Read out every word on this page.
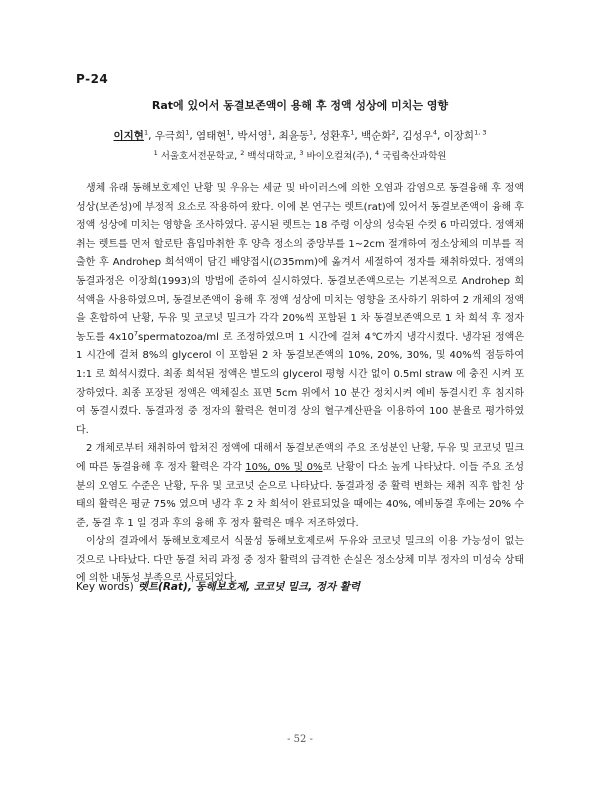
P-24
Rat에 있어서 동결보존액이 용해 후 정액 성상에 미치는 영향
이지현$^1$, 우극희$^1$, 염태현$^1$, 박서영$^1$, 최윤동$^1$, 성환후$^1$, 백순화$^2$, 김성우$^4$, 이장희$^{1, 3}$
$^1$ 서울호서전문학교, $^2$ 백석대학교, $^3$ 바이오컬쳐(주), $^4$ 국립축산과학원

생체 유래 동해보호제인 난황 및 우유는 세균 및 바이러스에 의한 오염과 감염으로 동결융해 후 정액 성상(보존성)에 부정적 요소로 작용하여 왔다. 이에 본 연구는 렛트(rat)에 있어서 동결보존액이 융해 후 정액 성상에 미치는 영향을 조사하였다. 공시된 렛트는 18 주령 이상의 성숙된 수컷 6 마리였다. 정액채취는 렛트를 먼저 할로탄 흡입마취한 후 양측 정소의 중앙부를 1~2cm 절개하여 정소상체의 미부를 적출한 후 Androhep 희석액이 담긴 배양접시(∅35mm)에 옮겨서 세절하여 정자를 채취하였다. 정액의 동결과정은 이장희(1993)의 방법에 준하여 실시하였다. 동결보존액으로는 기본적으로 Androhep 희석액을 사용하였으며, 동결보존액이 융해 후 정액 성상에 미치는 영향을 조사하기 위하여 2 개체의 정액을 혼합하여 난황, 두유 및 코코넛 밀크가 각각 20%씩 포함된 1 차 동결보존액으로 1 차 희석 후 정자 농도를 $4x10^7spermatozoa/ml$ 로 조정하였으며 1 시간에 걸쳐 4℃까지 냉각시켰다. 냉각된 정액은 1 시간에 걸쳐 8%의 glycerol 이 포함된 2 차 동결보존액의 10%, 20%, 30%, 및 40%씩 점등하여 1:1 로 희석시켰다. 최종 희석된 정액은 별도의 glycerol 평형 시간 없이 0.5ml straw 에 충진 시켜 포장하였다. 최종 포장된 정액은 액체질소 표면 5cm 위에서 10 분간 정치시켜 예비 동결시킨 후 침지하여 동결시켰다. 동결과정 중 정자의 활력은 현미경 상의 혈구계산판을 이용하여 100 분율로 평가하였다.

2 개체로부터 채취하여 합쳐진 정액에 대해서 동결보존액의 주요 조성분인 난황, 두유 및 코코넛 밀크에 따른 동결융해 후 정자 활력은 각각 10%, 0% 및 0%로 난황이 다소 높게 나타났다. 이들 주요 조성분의 오염도 수준은 난황, 두유 및 코코넛 순으로 나타났다. 동결과정 중 활력 변화는 채취 직후 합친 상태의 활력은 평균 75% 였으며 냉각 후 2 차 희석이 완료되었을 때에는 40%, 예비동결 후에는 20% 수준, 동결 후 1 일 경과 후의 융해 후 정자 활력은 매우 저조하였다.

이상의 결과에서 동해보호제로서 식물성 동해보호제로써 두유와 코코넛 밀크의 이용 가능성이 없는 것으로 나타났다. 다만 동결 처리 과정 중 정자 활력의 급격한 손실은 정소상체 미부 정자의 미성숙 상태에 의한 내동성 부족으로 사료되었다.

Key words) 렛트(Rat), 동해보호제, 코코넛 밀크, 정자 활력
- 52 -
